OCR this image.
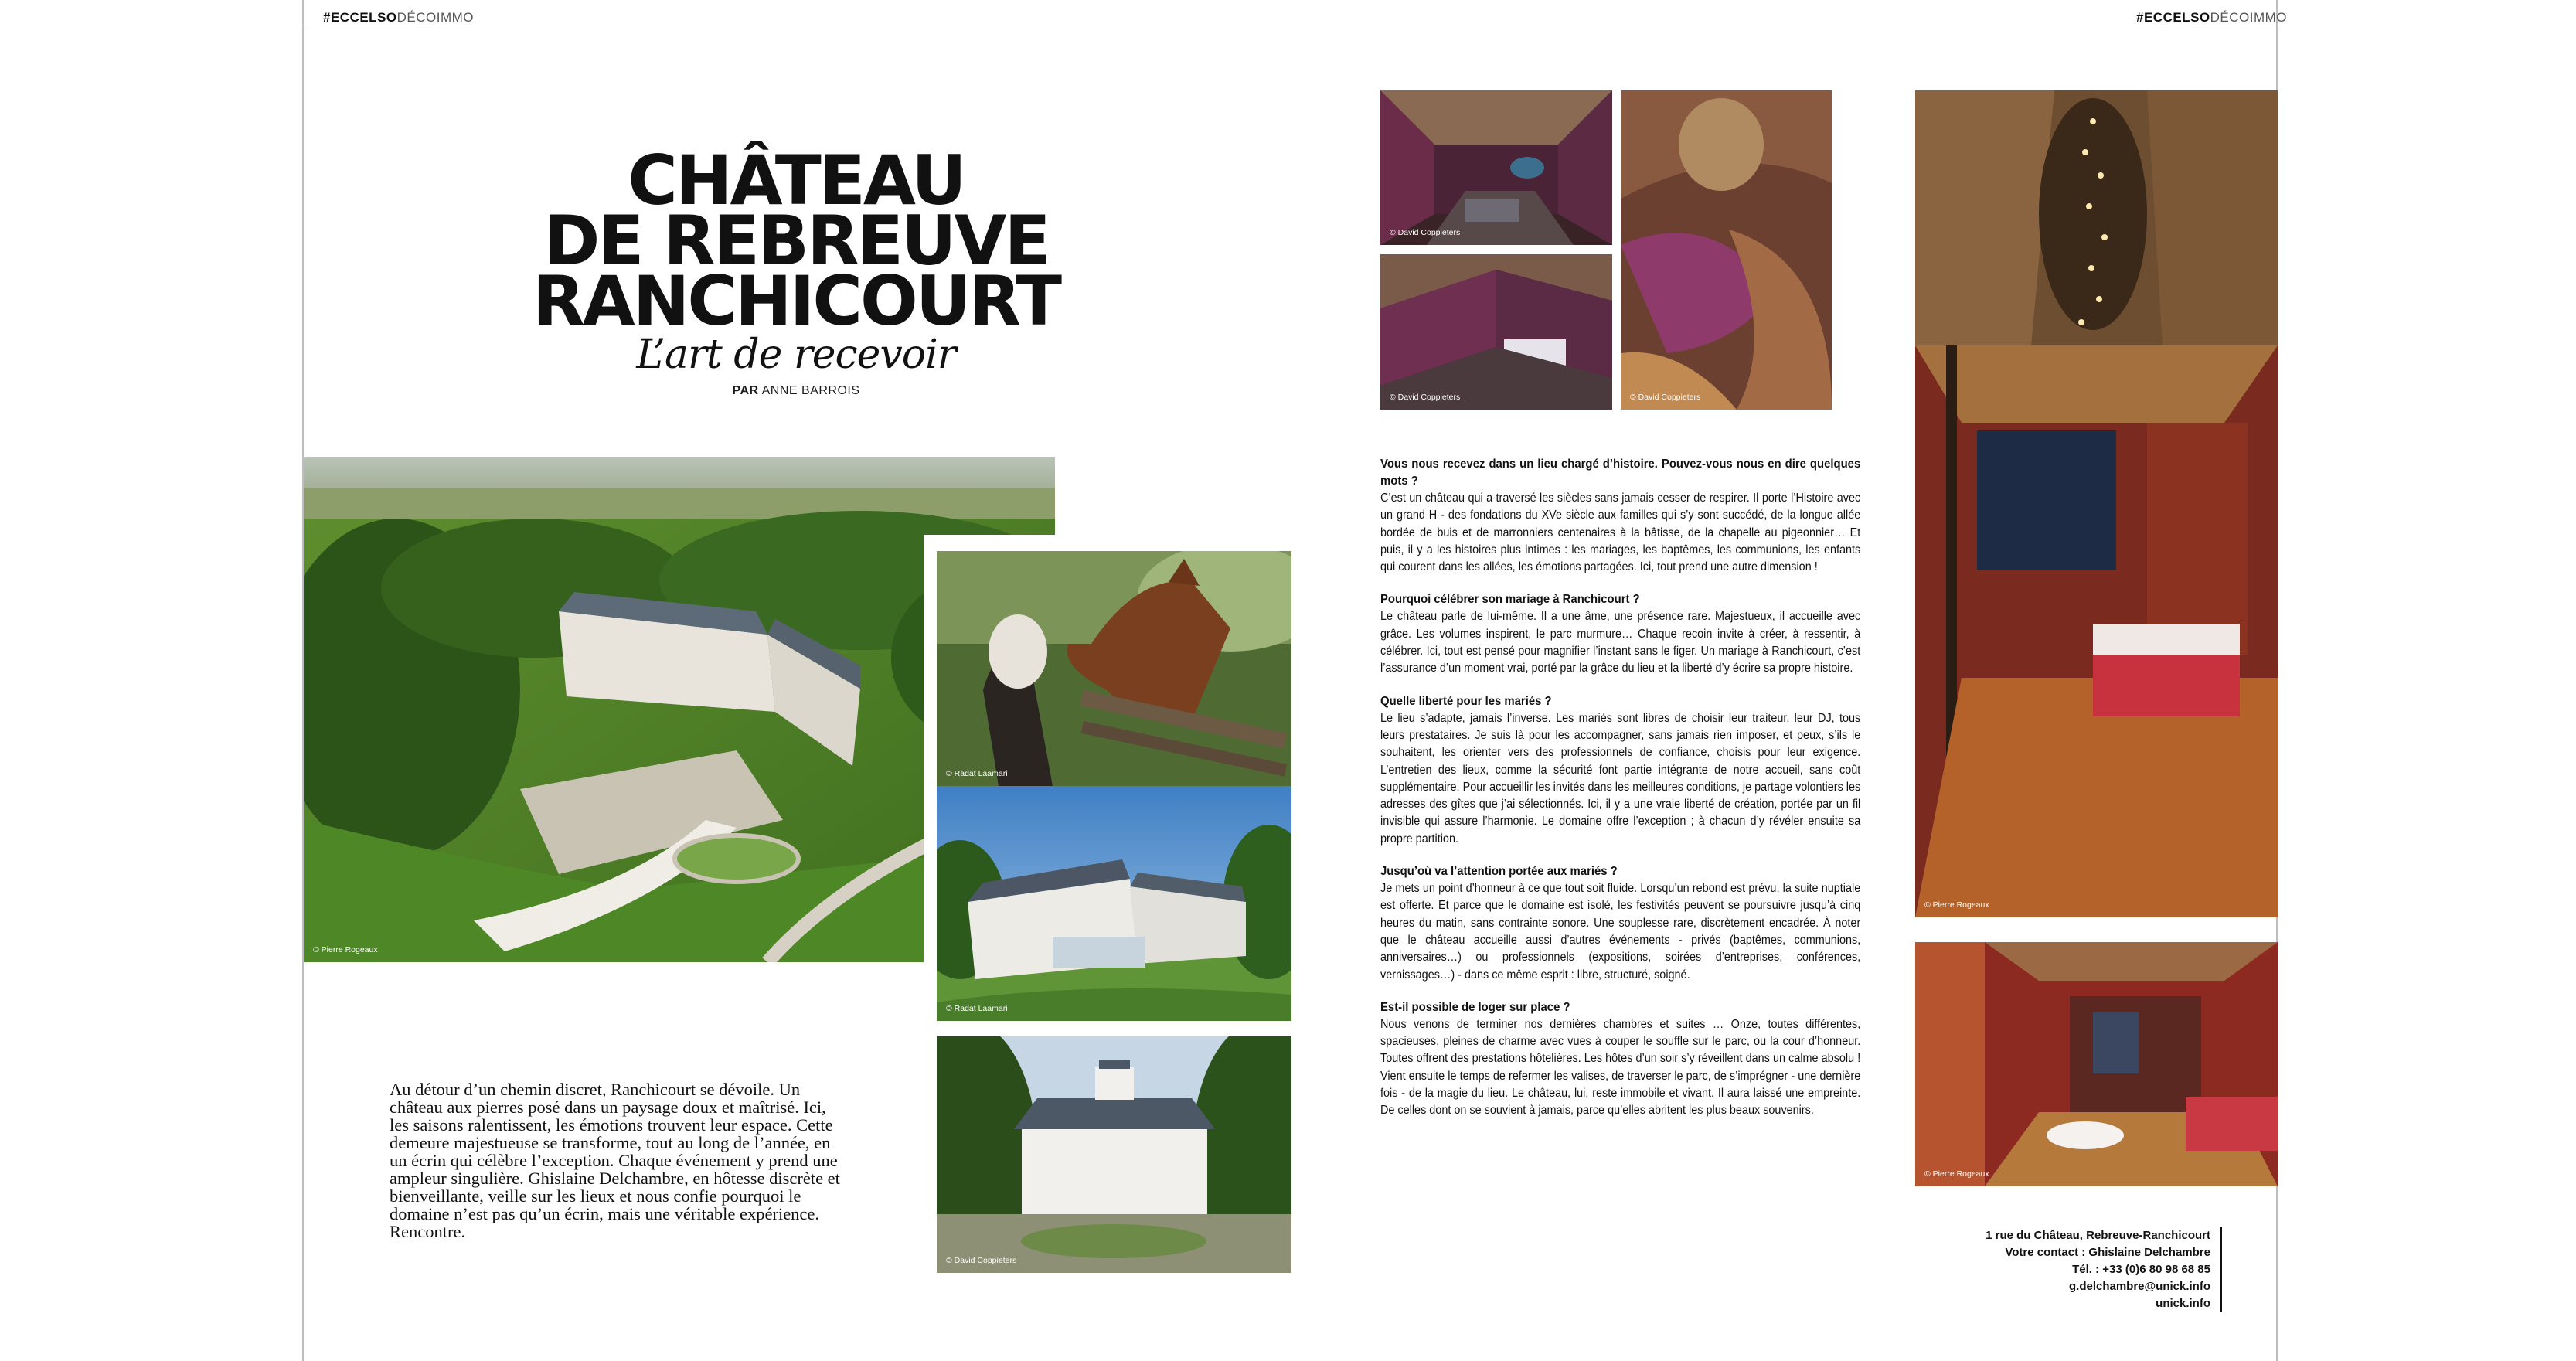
#ECCELSODÉCOIMMO	#ECCELSODÉCOIMMO
CHÂTEAU
DE REBREUVE
RANCHICOURT
L’art de recevoir
PAR ANNE BARROIS
© Pierre Rogeaux
© Radat Laamari
© Radat Laamari
© David Coppieters
Au détour d’un chemin discret, Ranchicourt se dévoile. Un château aux pierres posé dans un paysage doux et maîtrisé. Ici, les saisons ralentissent, les émotions trouvent leur espace. Cette demeure majestueuse se transforme, tout au long de l’année, en un écrin qui célèbre l’exception. Chaque événement y prend une ampleur singulière. Ghislaine Delchambre, en hôtesse discrète et bienveillante, veille sur les lieux et nous confie pourquoi le domaine n’est pas qu’un écrin, mais une véritable expérience. Rencontre.
© David Coppieters
© David Coppieters
© David Coppieters
© Pierre Rogeaux
© Pierre Rogeaux
Vous nous recevez dans un lieu chargé d’histoire. Pouvez-vous nous en dire quelques mots ?

C’est un château qui a traversé les siècles sans jamais cesser de respirer. Il porte l’Histoire avec un grand H - des fondations du XVe siècle aux familles qui s’y sont succédé, de la longue allée bordée de buis et de marronniers centenaires à la bâtisse, de la chapelle au pigeonnier… Et puis, il y a les histoires plus intimes : les mariages, les baptêmes, les communions, les enfants qui courent dans les allées, les émotions partagées. Ici, tout prend une autre dimension !

Pourquoi célébrer son mariage à Ranchicourt ?

Le château parle de lui-même. Il a une âme, une présence rare. Majestueux, il accueille avec grâce. Les volumes inspirent, le parc murmure… Chaque recoin invite à créer, à ressentir, à célébrer. Ici, tout est pensé pour magnifier l’instant sans le figer. Un mariage à Ranchicourt, c’est l’assurance d’un moment vrai, porté par la grâce du lieu et la liberté d’y écrire sa propre histoire.

Quelle liberté pour les mariés ?

Le lieu s’adapte, jamais l’inverse. Les mariés sont libres de choisir leur traiteur, leur DJ, tous leurs prestataires. Je suis là pour les accompagner, sans jamais rien imposer, et peux, s’ils le souhaitent, les orienter vers des professionnels de confiance, choisis pour leur exigence. L’entretien des lieux, comme la sécurité font partie intégrante de notre accueil, sans coût supplémentaire. Pour accueillir les invités dans les meilleures conditions, je partage volontiers les adresses des gîtes que j’ai sélectionnés. Ici, il y a une vraie liberté de création, portée par un fil invisible qui assure l’harmonie. Le domaine offre l’exception ; à chacun d’y révéler ensuite sa propre partition.

Jusqu’où va l’attention portée aux mariés ?

Je mets un point d’honneur à ce que tout soit fluide. Lorsqu’un rebond est prévu, la suite nuptiale est offerte. Et parce que le domaine est isolé, les festivités peuvent se poursuivre jusqu’à cinq heures du matin, sans contrainte sonore. Une souplesse rare, discrètement encadrée. À noter que le château accueille aussi d’autres événements - privés (baptêmes, communions, anniversaires…) ou professionnels (expositions, soirées d’entreprises, conférences, vernissages…) - dans ce même esprit : libre, structuré, soigné.

Est-il possible de loger sur place ?

Nous venons de terminer nos dernières chambres et suites … Onze, toutes différentes, spacieuses, pleines de charme avec vues à couper le souffle sur le parc, ou la cour d’honneur. Toutes offrent des prestations hôtelières. Les hôtes d’un soir s’y réveillent dans un calme absolu ! Vient ensuite le temps de refermer les valises, de traverser le parc, de s’imprégner - une dernière fois - de la magie du lieu. Le château, lui, reste immobile et vivant. Il aura laissé une empreinte. De celles dont on se souvient à jamais, parce qu’elles abritent les plus beaux souvenirs.

1 rue du Château, Rebreuve-Ranchicourt
Votre contact : Ghislaine Delchambre
Tél. : +33 (0)6 80 98 68 85
g.delchambre@unick.info
unick.info
